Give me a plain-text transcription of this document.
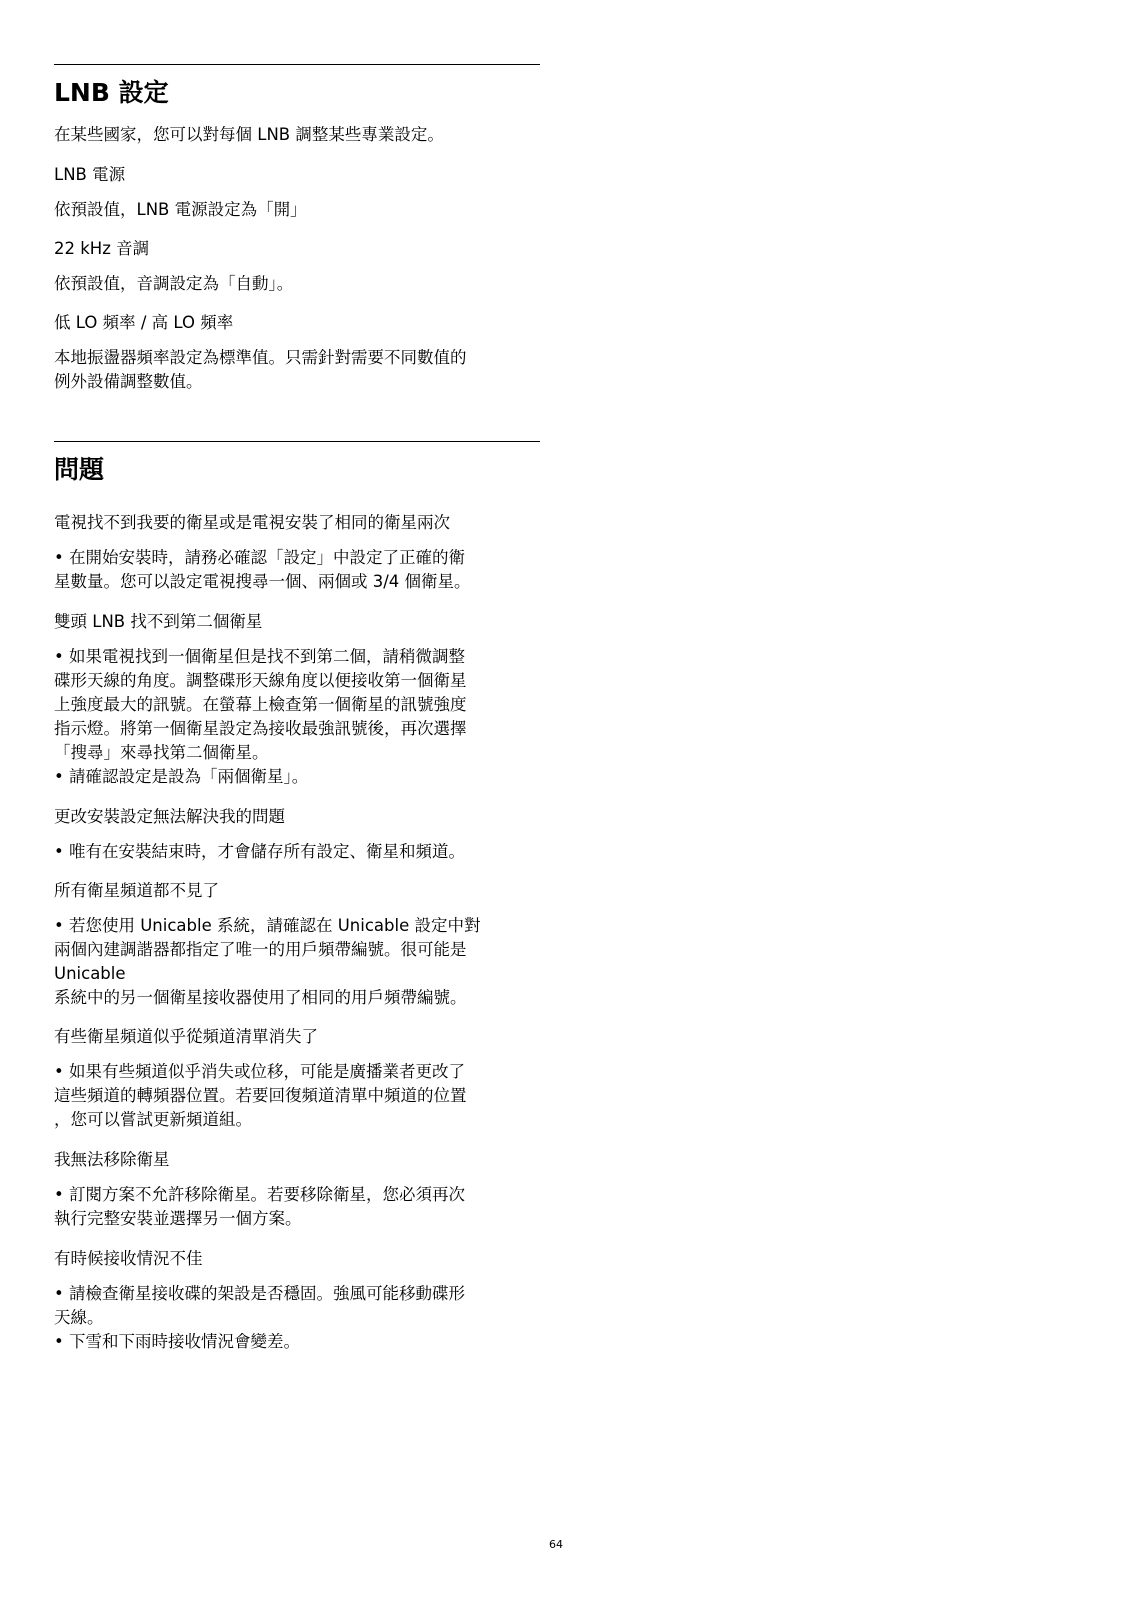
LNB 設定

在某些國家，您可以對每個 LNB 調整某些專業設定。

LNB 電源

依預設值，LNB 電源設定為「開」

22 kHz 音調

依預設值，音調設定為「自動」。

低 LO 頻率 / 高 LO 頻率

本地振盪器頻率設定為標準值。只需針對需要不同數值的

例外設備調整數值。

問題

電視找不到我要的衛星或是電視安裝了相同的衛星兩次

• 在開始安裝時，請務必確認「設定」中設定了正確的衛

星數量。您可以設定電視搜尋一個、兩個或 3/4 個衛星。

雙頭 LNB 找不到第二個衛星

• 如果電視找到一個衛星但是找不到第二個，請稍微調整

碟形天線的角度。調整碟形天線角度以便接收第一個衛星

上強度最大的訊號。在螢幕上檢查第一個衛星的訊號強度

指示燈。將第一個衛星設定為接收最強訊號後，再次選擇

「搜尋」來尋找第二個衛星。

• 請確認設定是設為「兩個衛星」。

更改安裝設定無法解決我的問題

• 唯有在安裝結束時，才會儲存所有設定、衛星和頻道。

所有衛星頻道都不見了

• 若您使用 Unicable 系統，請確認在 Unicable 設定中對

兩個內建調諧器都指定了唯一的用戶頻帶編號。很可能是

Unicable

系統中的另一個衛星接收器使用了相同的用戶頻帶編號。

有些衛星頻道似乎從頻道清單消失了

• 如果有些頻道似乎消失或位移，可能是廣播業者更改了

這些頻道的轉頻器位置。若要回復頻道清單中頻道的位置

，您可以嘗試更新頻道組。

我無法移除衛星

• 訂閱方案不允許移除衛星。若要移除衛星，您必須再次

執行完整安裝並選擇另一個方案。

有時候接收情況不佳

• 請檢查衛星接收碟的架設是否穩固。強風可能移動碟形

天線。

• 下雪和下雨時接收情況會變差。

64
